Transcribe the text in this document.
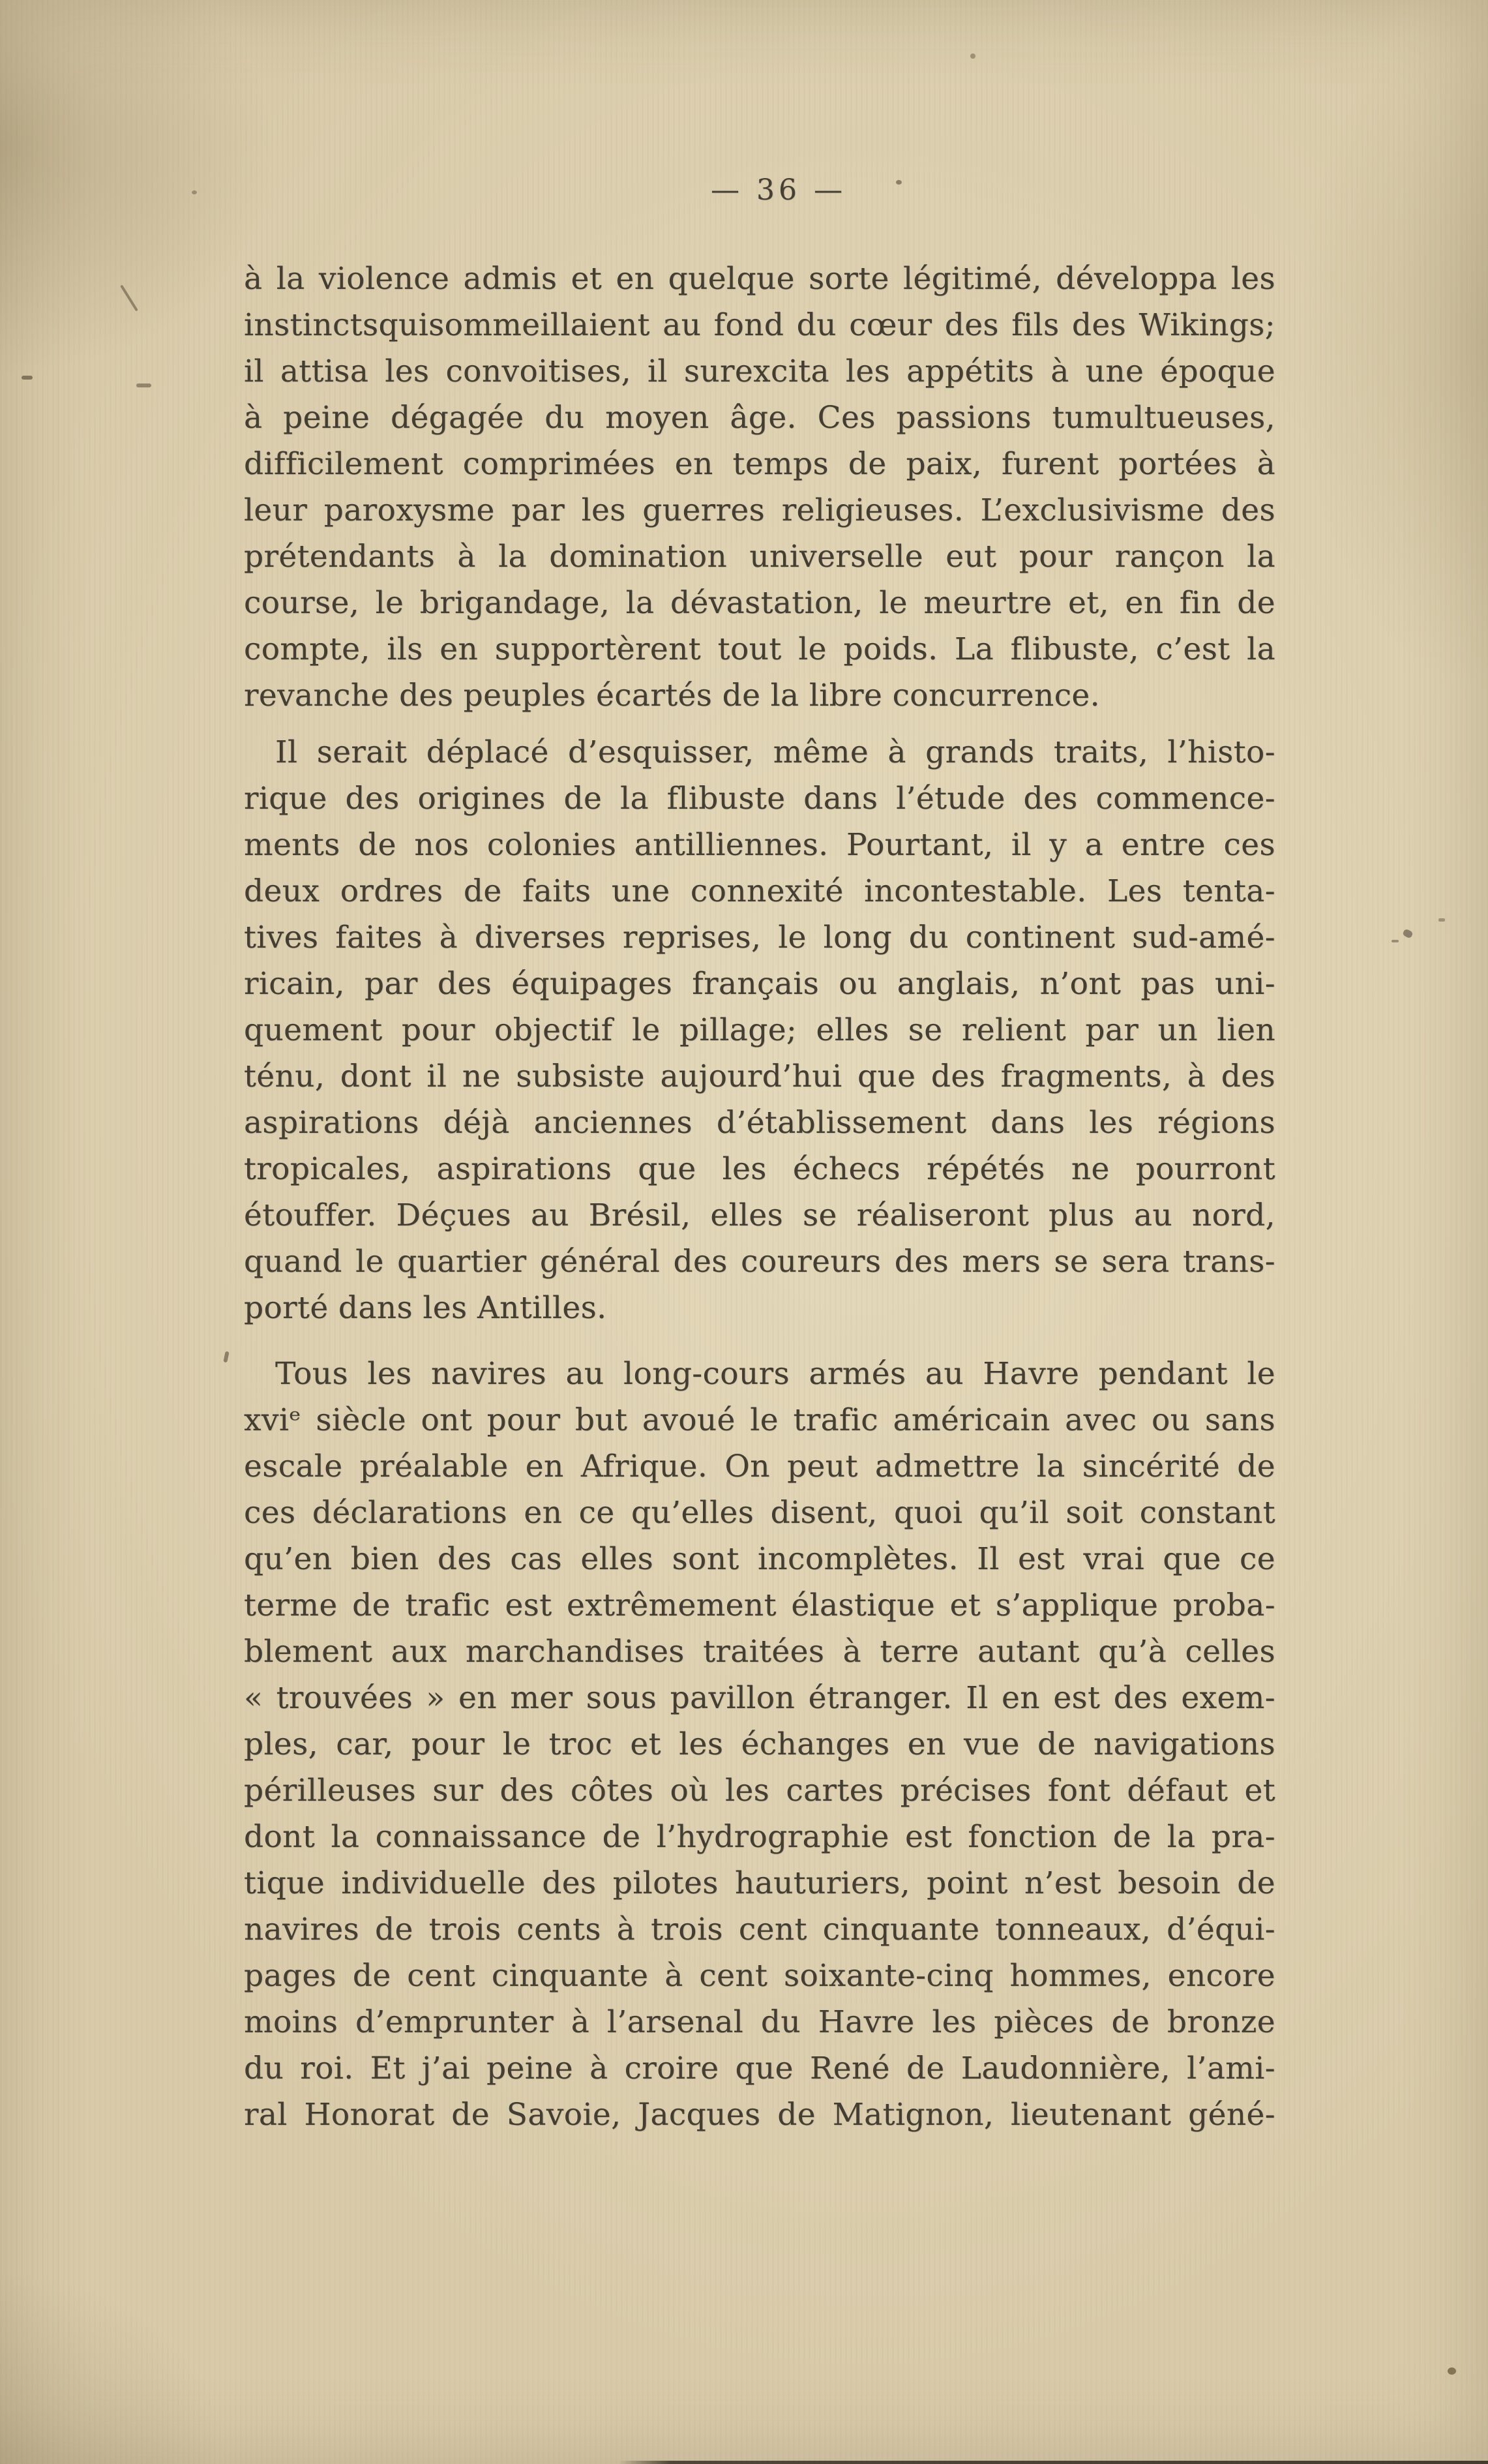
— 36 —
à la violence admis et en quelque sorte légitimé, développa les
instinctsquisommeillaient au fond du cœur des fils des Wikings;
il attisa les convoitises, il surexcita les appétits à une époque
à peine dégagée du moyen âge. Ces passions tumultueuses,
difficilement comprimées en temps de paix, furent portées à
leur paroxysme par les guerres religieuses. L’exclusivisme des
prétendants à la domination universelle eut pour rançon la
course, le brigandage, la dévastation, le meurtre et, en fin de
compte, ils en supportèrent tout le poids. La flibuste, c’est la
revanche des peuples écartés de la libre concurrence.
Il serait déplacé d’esquisser, même à grands traits, l’histo-
rique des origines de la flibuste dans l’étude des commence-
ments de nos colonies antilliennes. Pourtant, il y a entre ces
deux ordres de faits une connexité incontestable. Les tenta-
tives faites à diverses reprises, le long du continent sud-amé-
ricain, par des équipages français ou anglais, n’ont pas uni-
quement pour objectif le pillage; elles se relient par un lien
ténu, dont il ne subsiste aujourd’hui que des fragments, à des
aspirations déjà anciennes d’établissement dans les régions
tropicales, aspirations que les échecs répétés ne pourront
étouffer. Déçues au Brésil, elles se réaliseront plus au nord,
quand le quartier général des coureurs des mers se sera trans-
porté dans les Antilles.
Tous les navires au long-cours armés au Havre pendant le
xviᵉ siècle ont pour but avoué le trafic américain avec ou sans
escale préalable en Afrique. On peut admettre la sincérité de
ces déclarations en ce qu’elles disent, quoi qu’il soit constant
qu’en bien des cas elles sont incomplètes. Il est vrai que ce
terme de trafic est extrêmement élastique et s’applique proba-
blement aux marchandises traitées à terre autant qu’à celles
« trouvées » en mer sous pavillon étranger. Il en est des exem-
ples, car, pour le troc et les échanges en vue de navigations
périlleuses sur des côtes où les cartes précises font défaut et
dont la connaissance de l’hydrographie est fonction de la pra-
tique individuelle des pilotes hauturiers, point n’est besoin de
navires de trois cents à trois cent cinquante tonneaux, d’équi-
pages de cent cinquante à cent soixante-cinq hommes, encore
moins d’emprunter à l’arsenal du Havre les pièces de bronze
du roi. Et j’ai peine à croire que René de Laudonnière, l’ami-
ral Honorat de Savoie, Jacques de Matignon, lieutenant géné-
